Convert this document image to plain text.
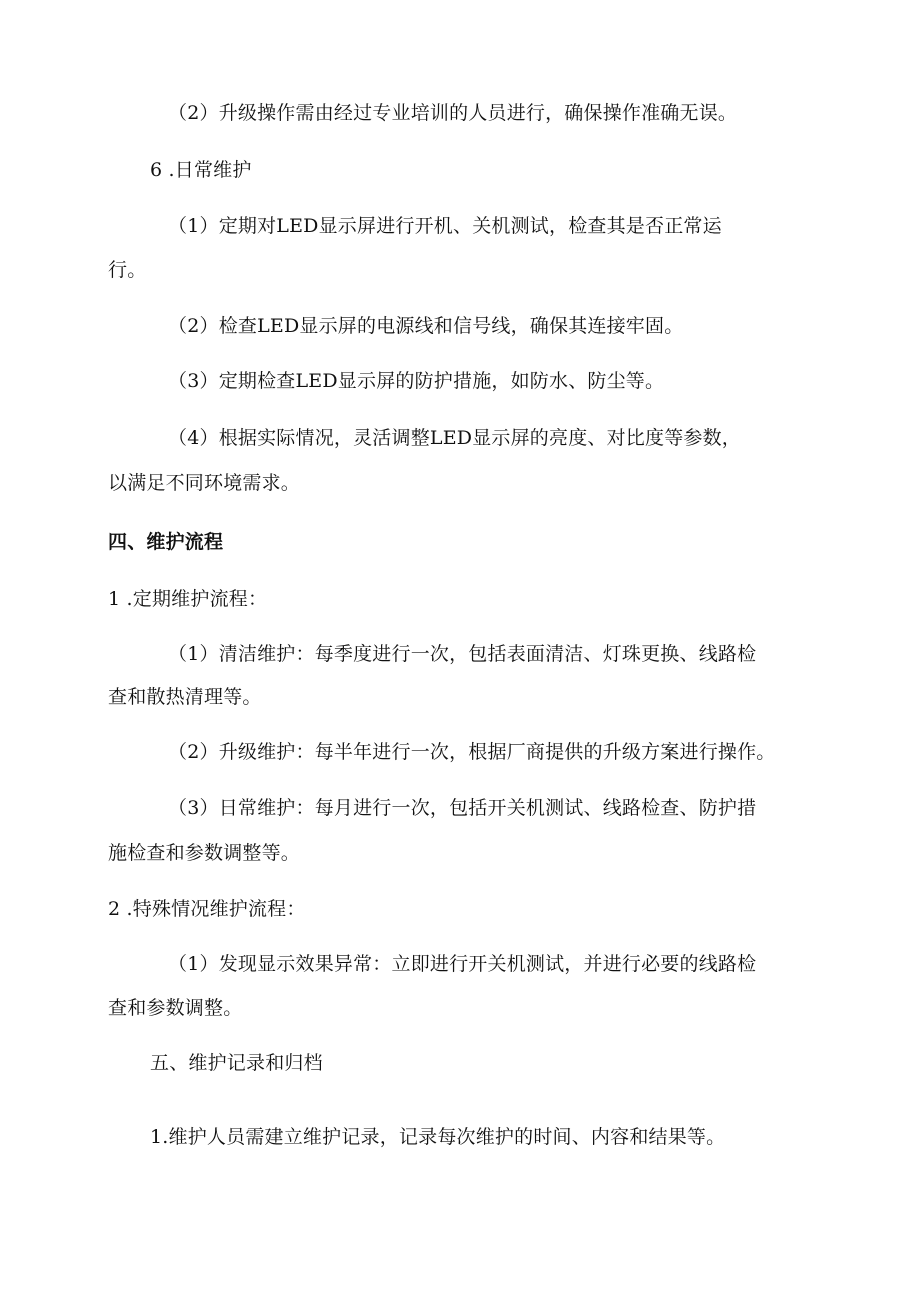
（2）升级操作需由经过专业培训的人员进行，确保操作准确无误。
6 .日常维护
（1）定期对LED显示屏进行开机、关机测试，检查其是否正常运
行。
（2）检查LED显示屏的电源线和信号线，确保其连接牢固。
（3）定期检查LED显示屏的防护措施，如防水、防尘等。
（4）根据实际情况，灵活调整LED显示屏的亮度、对比度等参数，
以满足不同环境需求。
四、维护流程
1 .定期维护流程：
（1）清洁维护：每季度进行一次，包括表面清洁、灯珠更换、线路检
查和散热清理等。
（2）升级维护：每半年进行一次，根据厂商提供的升级方案进行操作。
（3）日常维护：每月进行一次，包括开关机测试、线路检查、防护措
施检查和参数调整等。
2 .特殊情况维护流程：
（1）发现显示效果异常：立即进行开关机测试，并进行必要的线路检
查和参数调整。
五、维护记录和归档
1.维护人员需建立维护记录，记录每次维护的时间、内容和结果等。
